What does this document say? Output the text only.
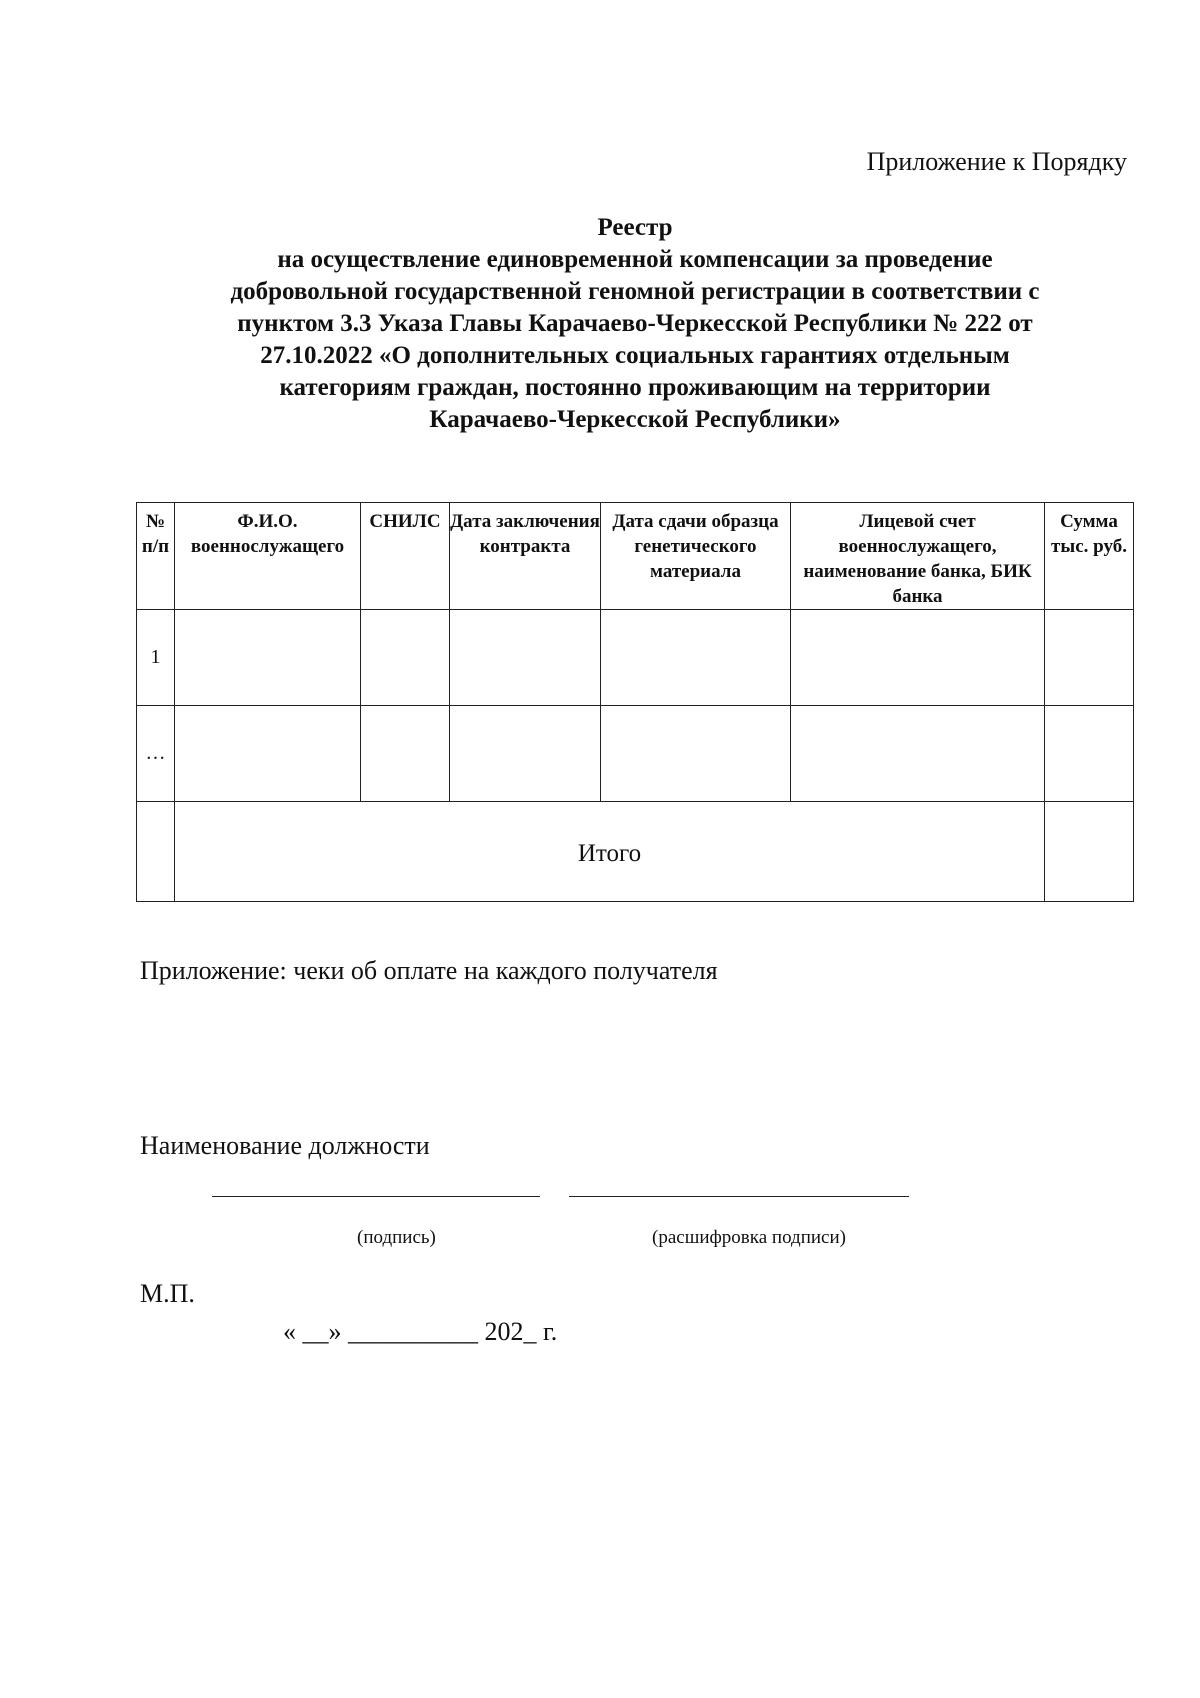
Приложение к Порядку
Реестр
на осуществление единовременной компенсации за проведение
добровольной государственной геномной регистрации в соответствии с
пунктом 3.3 Указа Главы Карачаево-Черкесской Республики № 222 от
27.10.2022 «О дополнительных социальных гарантиях отдельным
категориям граждан, постоянно проживающим на территории
Карачаево-Черкесской Республики»
№ п/п	Ф.И.О. военнослужащего	СНИЛС	Дата заключения контракта	Дата сдачи образца генетического материала	Лицевой счет военнослужащего, наименование банка, БИК банка	Сумма тыс. руб.
1						
…						
	Итого					
Приложение: чеки об оплате на каждого получателя
Наименование должности
(подпись)	(расшифровка подписи)
М.П.
« __» __________ 202_ г.
